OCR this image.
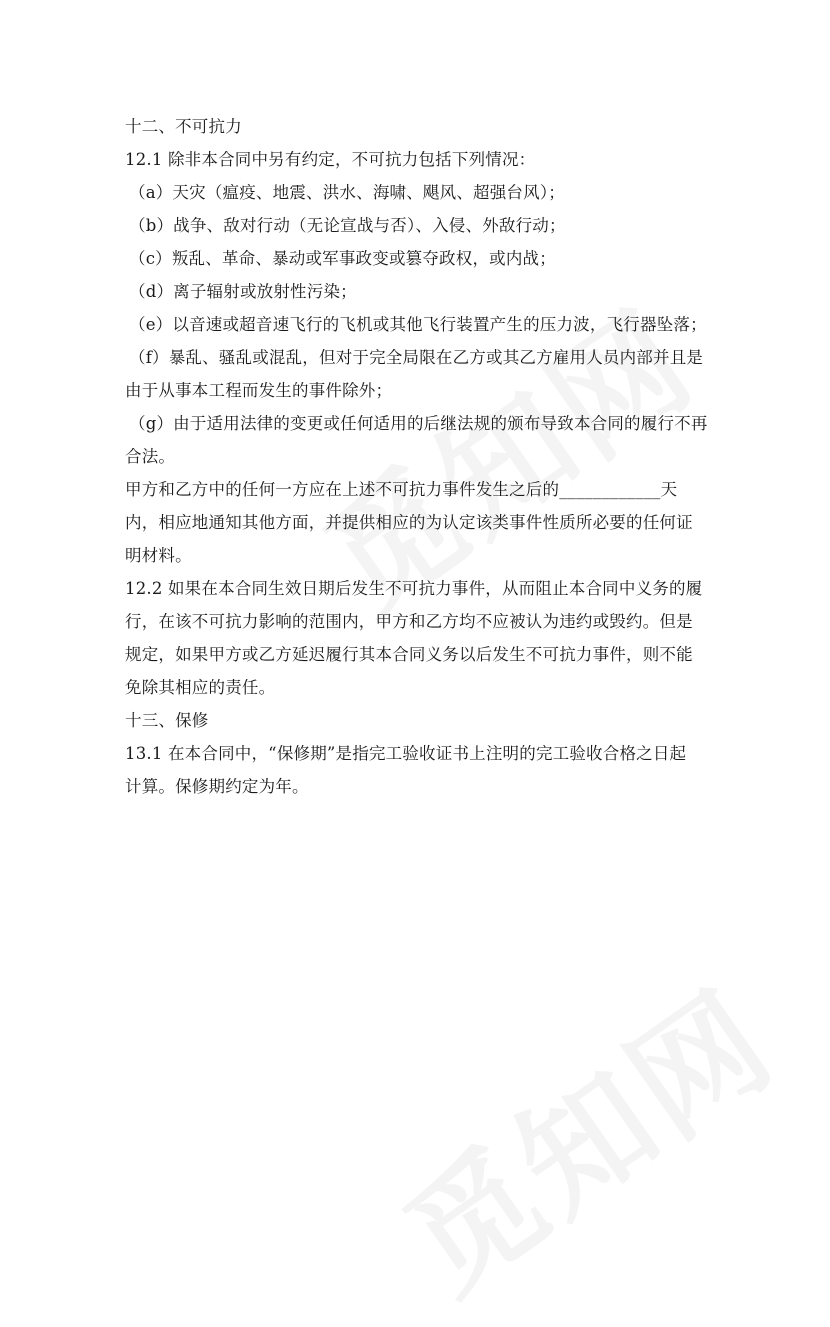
十二、不可抗力
12.1 除非本合同中另有约定，不可抗力包括下列情况：
（a）天灾（瘟疫、地震、洪水、海啸、飓风、超强台风）；
（b）战争、敌对行动（无论宣战与否）、入侵、外敌行动；
（c）叛乱、革命、暴动或军事政变或篡夺政权，或内战；
（d）离子辐射或放射性污染；
（e）以音速或超音速飞行的飞机或其他飞行装置产生的压力波，飞行器坠落；
（f）暴乱、骚乱或混乱，但对于完全局限在乙方或其乙方雇用人员内部并且是
由于从事本工程而发生的事件除外；
（g）由于适用法律的变更或任何适用的后继法规的颁布导致本合同的履行不再
合法。
甲方和乙方中的任何一方应在上述不可抗力事件发生之后的____________天
内，相应地通知其他方面，并提供相应的为认定该类事件性质所必要的任何证
明材料。
12.2 如果在本合同生效日期后发生不可抗力事件，从而阻止本合同中义务的履
行，在该不可抗力影响的范围内，甲方和乙方均不应被认为违约或毁约。但是
规定，如果甲方或乙方延迟履行其本合同义务以后发生不可抗力事件，则不能
免除其相应的责任。
十三、保修
13.1 在本合同中，“保修期”是指完工验收证书上注明的完工验收合格之日起
计算。保修期约定为年。
